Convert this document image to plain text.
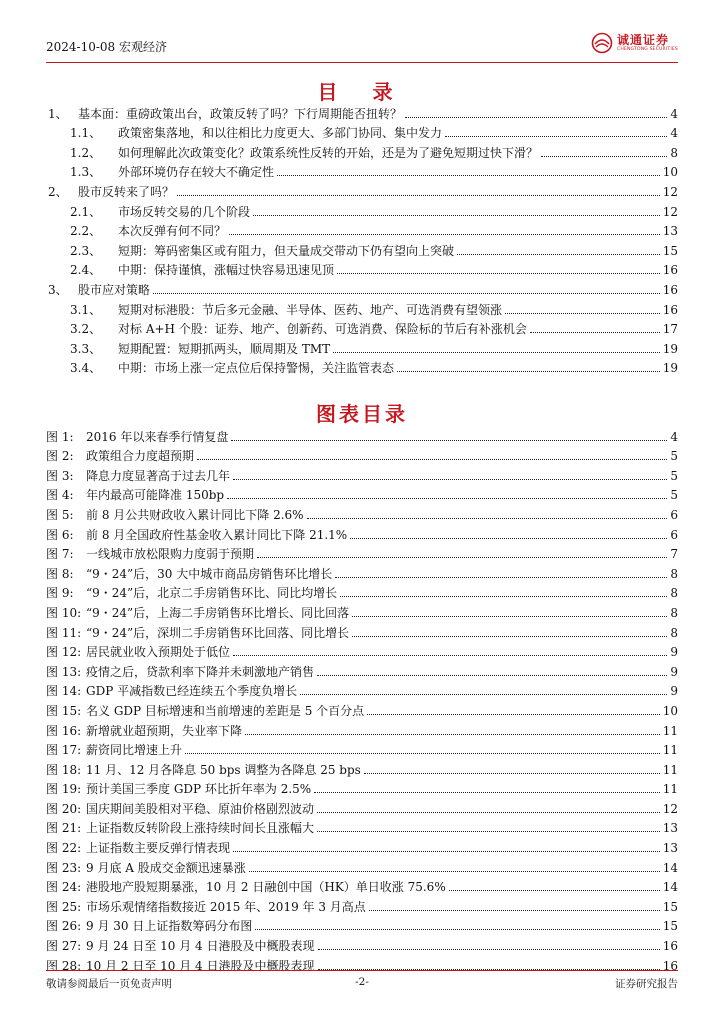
2024-10-08 宏观经济
诚通证券
CHENGTONG SECURITIES
目 录
1、 基本面：重磅政策出台，政策反转了吗？下行周期能否扭转？	4
1.1、	政策密集落地，和以往相比力度更大、多部门协同、集中发力	4
1.2、	如何理解此次政策变化？政策系统性反转的开始，还是为了避免短期过快下滑？	8
1.3、	外部环境仍存在较大不确定性	10
2、 股市反转来了吗？	12
2.1、	市场反转交易的几个阶段	12
2.2、	本次反弹有何不同？	13
2.3、	短期：筹码密集区或有阻力，但天量成交带动下仍有望向上突破	15
2.4、	中期：保持谨慎，涨幅过快容易迅速见顶	16
3、 股市应对策略	16
3.1、	短期对标港股：节后多元金融、半导体、医药、地产、可选消费有望领涨	16
3.2、	对标 A+H 个股：证券、地产、创新药、可选消费、保险标的节后有补涨机会	17
3.3、	短期配置：短期抓两头，顺周期及 TMT	19
3.4、	中期：市场上涨一定点位后保持警惕，关注监管表态	19
图表目录
图 1:	2016 年以来春季行情复盘	4
图 2:	政策组合力度超预期	5
图 3:	降息力度显著高于过去几年	5
图 4:	年内最高可能降准 150bp	5
图 5:	前 8 月公共财政收入累计同比下降 2.6%	6
图 6:	前 8 月全国政府性基金收入累计同比下降 21.1%	6
图 7:	一线城市放松限购力度弱于预期	7
图 8:	“9・24”后，30 大中城市商品房销售环比增长	8
图 9:	“9・24”后，北京二手房销售环比、同比均增长	8
图 10: “9・24”后，上海二手房销售环比增长、同比回落	8
图 11: “9・24”后，深圳二手房销售环比回落、同比增长	8
图 12: 居民就业收入预期处于低位	9
图 13: 疫情之后，贷款利率下降并未刺激地产销售	9
图 14: GDP 平减指数已经连续五个季度负增长	9
图 15: 名义 GDP 目标增速和当前增速的差距是 5 个百分点	10
图 16: 新增就业超预期，失业率下降	11
图 17: 薪资同比增速上升	11
图 18: 11 月、12 月各降息 50 bps 调整为各降息 25 bps	11
图 19: 预计美国三季度 GDP 环比折年率为 2.5%	11
图 20: 国庆期间美股相对平稳、原油价格剧烈波动	12
图 21: 上证指数反转阶段上涨持续时间长且涨幅大	13
图 22: 上证指数主要反弹行情表现	13
图 23: 9 月底 A 股成交金额迅速暴涨	14
图 24: 港股地产股短期暴涨，10 月 2 日融创中国（HK）单日收涨 75.6%	14
图 25: 市场乐观情绪指数接近 2015 年、2019 年 3 月高点	15
图 26: 9 月 30 日上证指数筹码分布图	15
图 27: 9 月 24 日至 10 月 4 日港股及中概股表现	16
图 28: 10 月 2 日至 10 月 4 日港股及中概股表现	16
敬请参阅最后一页免责声明	-2-	证券研究报告
